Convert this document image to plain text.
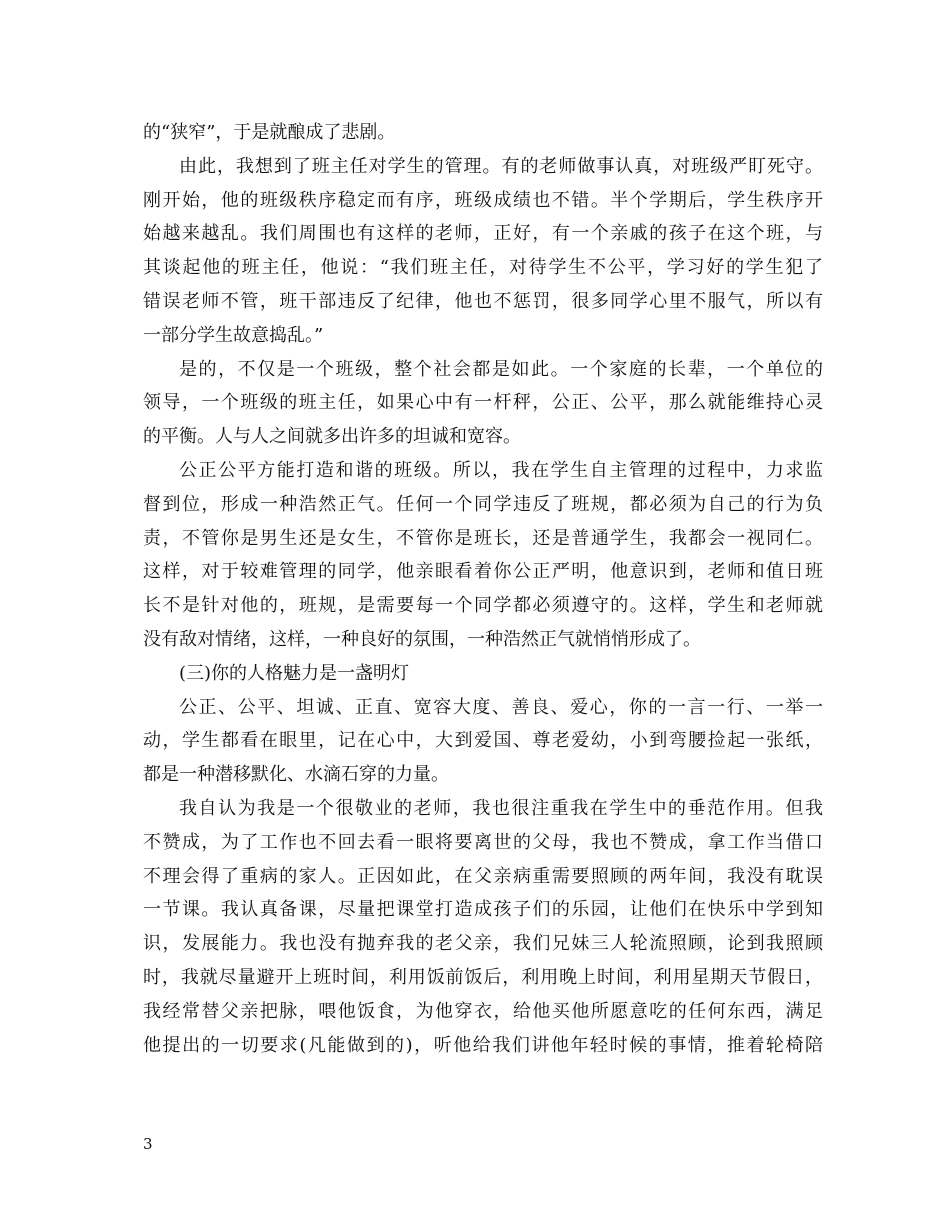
的“狭窄”，于是就酿成了悲剧。
由此，我想到了班主任对学生的管理。有的老师做事认真，对班级严盯死守。
刚开始，他的班级秩序稳定而有序，班级成绩也不错。半个学期后，学生秩序开
始越来越乱。我们周围也有这样的老师，正好，有一个亲戚的孩子在这个班，与
其谈起他的班主任，他说：“我们班主任，对待学生不公平，学习好的学生犯了
错误老师不管，班干部违反了纪律，他也不惩罚，很多同学心里不服气，所以有
一部分学生故意捣乱。”
是的，不仅是一个班级，整个社会都是如此。一个家庭的长辈，一个单位的
领导，一个班级的班主任，如果心中有一杆秤，公正、公平，那么就能维持心灵
的平衡。人与人之间就多出许多的坦诚和宽容。
公正公平方能打造和谐的班级。所以，我在学生自主管理的过程中，力求监
督到位，形成一种浩然正气。任何一个同学违反了班规，都必须为自己的行为负
责，不管你是男生还是女生，不管你是班长，还是普通学生，我都会一视同仁。
这样，对于较难管理的同学，他亲眼看着你公正严明，他意识到，老师和值日班
长不是针对他的，班规，是需要每一个同学都必须遵守的。这样，学生和老师就
没有敌对情绪，这样，一种良好的氛围，一种浩然正气就悄悄形成了。
(三)你的人格魅力是一盏明灯
公正、公平、坦诚、正直、宽容大度、善良、爱心，你的一言一行、一举一
动，学生都看在眼里，记在心中，大到爱国、尊老爱幼，小到弯腰捡起一张纸，
都是一种潜移默化、水滴石穿的力量。
我自认为我是一个很敬业的老师，我也很注重我在学生中的垂范作用。但我
不赞成，为了工作也不回去看一眼将要离世的父母，我也不赞成，拿工作当借口
不理会得了重病的家人。正因如此，在父亲病重需要照顾的两年间，我没有耽误
一节课。我认真备课，尽量把课堂打造成孩子们的乐园，让他们在快乐中学到知
识，发展能力。我也没有抛弃我的老父亲，我们兄妹三人轮流照顾，论到我照顾
时，我就尽量避开上班时间，利用饭前饭后，利用晚上时间，利用星期天节假日，
我经常替父亲把脉，喂他饭食，为他穿衣，给他买他所愿意吃的任何东西，满足
他提出的一切要求(凡能做到的)，听他给我们讲他年轻时候的事情，推着轮椅陪
3
